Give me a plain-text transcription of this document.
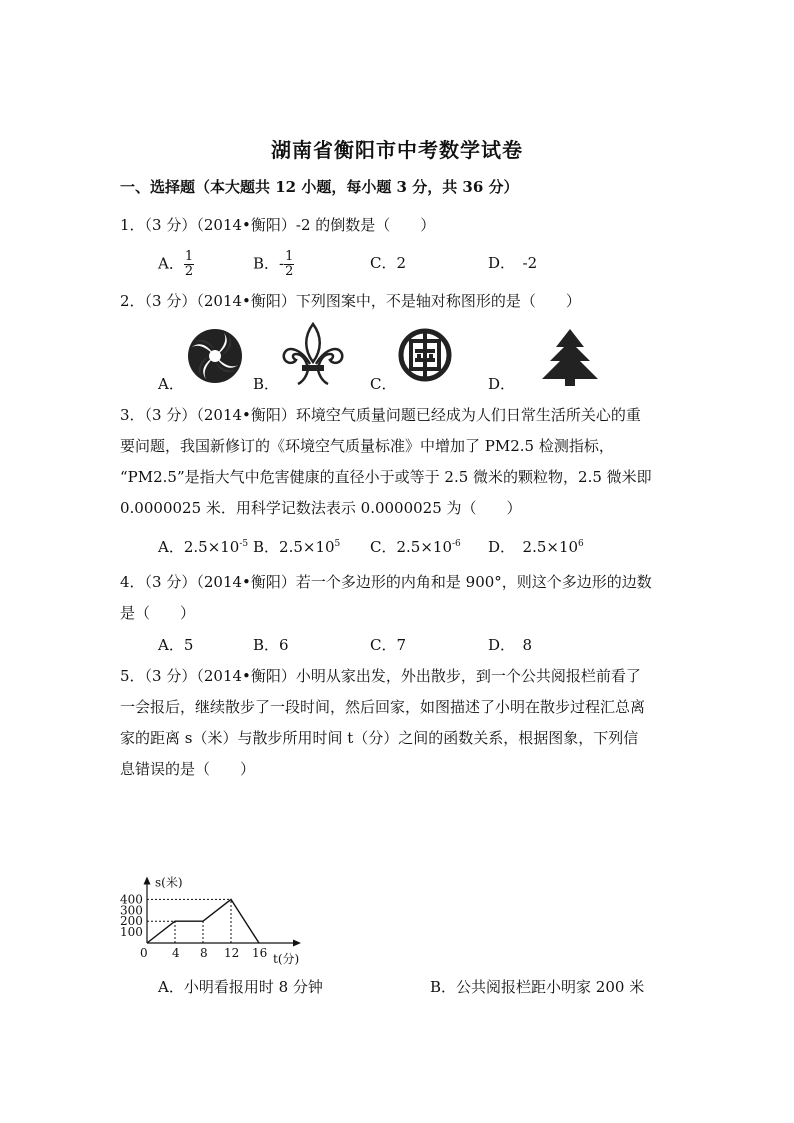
湖南省衡阳市中考数学试卷
一、选择题（本大题共 12 小题，每小题 3 分，共 36 分）
1．（3 分）（2014•衡阳）-2 的倒数是（　　）
A． $\frac{1}{2}$	B．- $\frac{1}{2}$	C．2	D．　-2
2．（3 分）（2014•衡阳）下列图案中，不是轴对称图形的是（　　）
A．	B．	C．	D．
3．（3 分）（2014•衡阳）环境空气质量问题已经成为人们日常生活所关心的重
要问题，我国新修订的《环境空气质量标准》中增加了 PM2.5 检测指标，
“PM2.5”是指大气中危害健康的直径小于或等于 2.5 微米的颗粒物，2.5 微米即
0.0000025 米．用科学记数法表示 0.0000025 为（　　）
A．$2.5\times 10^{-5}$ B．$2.5\times 10^5$ C．$2.5\times 10^{-6}$ D．　$2.5\times 10^6$
4．（3 分）（2014•衡阳）若一个多边形的内角和是 900°，则这个多边形的边数
是（　　）
A．5	B．6	C．7	D．　8
5．（3 分）（2014•衡阳）小明从家出发，外出散步，到一个公共阅报栏前看了
一会报后，继续散步了一段时间，然后回家，如图描述了小明在散步过程汇总离
家的距离 s（米）与散步所用时间 t（分）之间的函数关系，根据图象，下列信
息错误的是（　　）
0 4 8 12 16
100
200
300
400
s(米)
t(分)
A．小明看报用时 8 分钟	B．公共阅报栏距小明家 200 米
